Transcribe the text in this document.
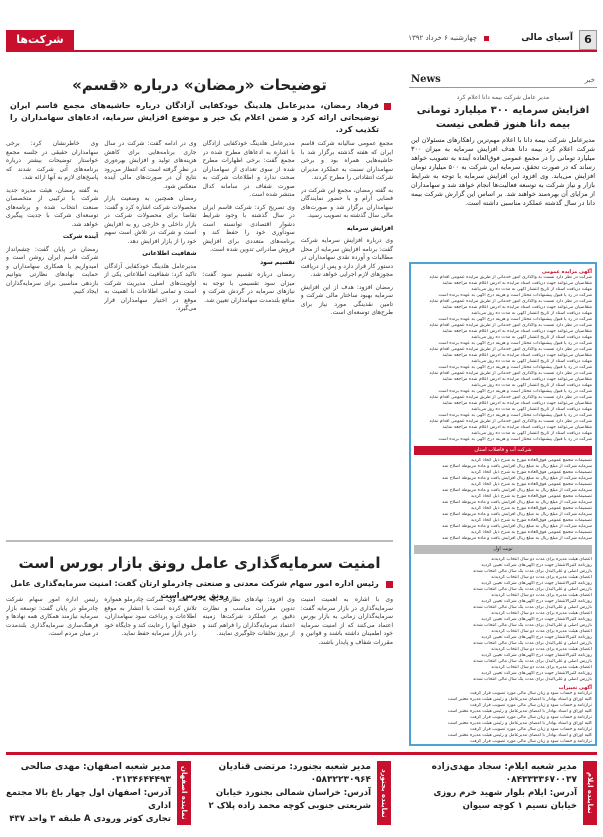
6
آسیای مالی
چهارشنبه ۶ خرداد ۱۳۹۲
شرکت‌ها
News	خبر
مدیر عامل شرکت بیمه دانا اعلام کرد
افزایش سرمایه ۳۰۰ میلیارد تومانی بیمه دانا هنوز قطعی نیست
مدیرعامل شرکت بیمه دانا با اعلام مهم‌ترین راهکارهای مسئولان این شرکت اعلام کرد بیمه دانا هدف افزایش سرمایه به میزان ۳۰۰ میلیارد تومانی را در مجمع عمومی فوق‌العاده آینده به تصویب خواهد رساند که در صورت تحقق، سرمایه این شرکت به ۵۰۰ میلیارد تومان افزایش می‌یابد. وی افزود این افزایش سرمایه با توجه به شرایط بازار و نیاز شرکت به توسعه فعالیت‌ها انجام خواهد شد و سهامداران از مزایای آن بهره‌مند خواهند شد. بر اساس این گزارش شرکت بیمه دانا در سال گذشته عملکرد مناسبی داشته است.
آگهی مزایده عمومی
شرکت در نظر دارد نسبت به واگذاری امور خدماتی از طریق مزایده عمومی اقدام نماید
متقاضیان می‌توانند جهت دریافت اسناد مزایده به آدرس اعلام شده مراجعه نمایند
مهلت دریافت اسناد از تاریخ انتشار آگهی به مدت ده روز می‌باشد
شرکت در رد یا قبول پیشنهادات مختار است و هزینه درج آگهی به عهده برنده است
شرکت در نظر دارد نسبت به واگذاری امور خدماتی از طریق مزایده عمومی اقدام نماید
متقاضیان می‌توانند جهت دریافت اسناد مزایده به آدرس اعلام شده مراجعه نمایند
مهلت دریافت اسناد از تاریخ انتشار آگهی به مدت ده روز می‌باشد
شرکت در رد یا قبول پیشنهادات مختار است و هزینه درج آگهی به عهده برنده است
شرکت در نظر دارد نسبت به واگذاری امور خدماتی از طریق مزایده عمومی اقدام نماید
متقاضیان می‌توانند جهت دریافت اسناد مزایده به آدرس اعلام شده مراجعه نمایند
مهلت دریافت اسناد از تاریخ انتشار آگهی به مدت ده روز می‌باشد
شرکت در رد یا قبول پیشنهادات مختار است و هزینه درج آگهی به عهده برنده است
شرکت در نظر دارد نسبت به واگذاری امور خدماتی از طریق مزایده عمومی اقدام نماید
متقاضیان می‌توانند جهت دریافت اسناد مزایده به آدرس اعلام شده مراجعه نمایند
مهلت دریافت اسناد از تاریخ انتشار آگهی به مدت ده روز می‌باشد
شرکت در رد یا قبول پیشنهادات مختار است و هزینه درج آگهی به عهده برنده است
شرکت در نظر دارد نسبت به واگذاری امور خدماتی از طریق مزایده عمومی اقدام نماید
متقاضیان می‌توانند جهت دریافت اسناد مزایده به آدرس اعلام شده مراجعه نمایند
مهلت دریافت اسناد از تاریخ انتشار آگهی به مدت ده روز می‌باشد
شرکت در رد یا قبول پیشنهادات مختار است و هزینه درج آگهی به عهده برنده است
شرکت در نظر دارد نسبت به واگذاری امور خدماتی از طریق مزایده عمومی اقدام نماید
متقاضیان می‌توانند جهت دریافت اسناد مزایده به آدرس اعلام شده مراجعه نمایند
مهلت دریافت اسناد از تاریخ انتشار آگهی به مدت ده روز می‌باشد
شرکت در رد یا قبول پیشنهادات مختار است و هزینه درج آگهی به عهده برنده است
شرکت در نظر دارد نسبت به واگذاری امور خدماتی از طریق مزایده عمومی اقدام نماید
متقاضیان می‌توانند جهت دریافت اسناد مزایده به آدرس اعلام شده مراجعه نمایند
مهلت دریافت اسناد از تاریخ انتشار آگهی به مدت ده روز می‌باشد
شرکت در رد یا قبول پیشنهادات مختار است و هزینه درج آگهی به عهده برنده است
شرکت آب و فاضلاب استان
تصمیمات مجمع عمومی فوق‌العاده مورخ به شرح ذیل اتخاذ گردید
سرمایه شرکت از مبلغ ریال به مبلغ ریال افزایش یافت و ماده مربوطه اصلاح شد
تصمیمات مجمع عمومی فوق‌العاده مورخ به شرح ذیل اتخاذ گردید
سرمایه شرکت از مبلغ ریال به مبلغ ریال افزایش یافت و ماده مربوطه اصلاح شد
تصمیمات مجمع عمومی فوق‌العاده مورخ به شرح ذیل اتخاذ گردید
سرمایه شرکت از مبلغ ریال به مبلغ ریال افزایش یافت و ماده مربوطه اصلاح شد
تصمیمات مجمع عمومی فوق‌العاده مورخ به شرح ذیل اتخاذ گردید
سرمایه شرکت از مبلغ ریال به مبلغ ریال افزایش یافت و ماده مربوطه اصلاح شد
تصمیمات مجمع عمومی فوق‌العاده مورخ به شرح ذیل اتخاذ گردید
سرمایه شرکت از مبلغ ریال به مبلغ ریال افزایش یافت و ماده مربوطه اصلاح شد
تصمیمات مجمع عمومی فوق‌العاده مورخ به شرح ذیل اتخاذ گردید
سرمایه شرکت از مبلغ ریال به مبلغ ریال افزایش یافت و ماده مربوطه اصلاح شد
تصمیمات مجمع عمومی فوق‌العاده مورخ به شرح ذیل اتخاذ گردید
سرمایه شرکت از مبلغ ریال به مبلغ ریال افزایش یافت و ماده مربوطه اصلاح شد
نوبت اول
اعضای هیئت مدیره برای مدت دو سال انتخاب گردیدند
روزنامه کثیرالانتشار جهت درج آگهی‌های شرکت تعیین گردید
بازرس اصلی و علی‌البدل برای مدت یک سال مالی انتخاب شدند
اعضای هیئت مدیره برای مدت دو سال انتخاب گردیدند
روزنامه کثیرالانتشار جهت درج آگهی‌های شرکت تعیین گردید
بازرس اصلی و علی‌البدل برای مدت یک سال مالی انتخاب شدند
اعضای هیئت مدیره برای مدت دو سال انتخاب گردیدند
روزنامه کثیرالانتشار جهت درج آگهی‌های شرکت تعیین گردید
بازرس اصلی و علی‌البدل برای مدت یک سال مالی انتخاب شدند
اعضای هیئت مدیره برای مدت دو سال انتخاب گردیدند
روزنامه کثیرالانتشار جهت درج آگهی‌های شرکت تعیین گردید
بازرس اصلی و علی‌البدل برای مدت یک سال مالی انتخاب شدند
اعضای هیئت مدیره برای مدت دو سال انتخاب گردیدند
روزنامه کثیرالانتشار جهت درج آگهی‌های شرکت تعیین گردید
بازرس اصلی و علی‌البدل برای مدت یک سال مالی انتخاب شدند
اعضای هیئت مدیره برای مدت دو سال انتخاب گردیدند
روزنامه کثیرالانتشار جهت درج آگهی‌های شرکت تعیین گردید
بازرس اصلی و علی‌البدل برای مدت یک سال مالی انتخاب شدند
اعضای هیئت مدیره برای مدت دو سال انتخاب گردیدند
روزنامه کثیرالانتشار جهت درج آگهی‌های شرکت تعیین گردید
بازرس اصلی و علی‌البدل برای مدت یک سال مالی انتخاب شدند
آگهی تغییرات
ترازنامه و حساب سود و زیان سال مالی مورد تصویب قرار گرفت
کلیه اوراق و اسناد بهادار با امضای مدیرعامل و رئیس هیئت مدیره معتبر است
ترازنامه و حساب سود و زیان سال مالی مورد تصویب قرار گرفت
کلیه اوراق و اسناد بهادار با امضای مدیرعامل و رئیس هیئت مدیره معتبر است
ترازنامه و حساب سود و زیان سال مالی مورد تصویب قرار گرفت
کلیه اوراق و اسناد بهادار با امضای مدیرعامل و رئیس هیئت مدیره معتبر است
ترازنامه و حساب سود و زیان سال مالی مورد تصویب قرار گرفت
کلیه اوراق و اسناد بهادار با امضای مدیرعامل و رئیس هیئت مدیره معتبر است
ترازنامه و حساب سود و زیان سال مالی مورد تصویب قرار گرفت
توضیحات «رمضان» درباره «قسم»
فرهاد رمضان، مدیرعامل هلدینگ خودکفایی آزادگان درباره حاشیه‌های مجمع قاسم ایران توضیحاتی ارائه کرد و ضمن اعلام یک خبر و موضوع افزایش سرمایه، ادعاهای سهامداران را تکذیب کرد.

مجمع عمومی سالیانه شرکت قاسم ایران که هفته گذشته برگزار شد با حاشیه‌هایی همراه بود و برخی سهامداران نسبت به عملکرد مدیران شرکت انتقاداتی را مطرح کردند.

به گفته رمضان، مجمع این شرکت در فضایی آرام و با حضور نمایندگان سهامداران برگزار شد و صورت‌های مالی سال گذشته به تصویب رسید.

افزایش سرمایه

وی درباره افزایش سرمایه شرکت گفت: برنامه افزایش سرمایه از محل مطالبات و آورده نقدی سهامداران در دستور کار قرار دارد و پس از دریافت مجوزهای لازم اجرایی خواهد شد.

رمضان افزود: هدف از این افزایش سرمایه بهبود ساختار مالی شرکت و تامین نقدینگی مورد نیاز برای طرح‌های توسعه‌ای است.

مدیرعامل هلدینگ خودکفایی آزادگان با اشاره به ادعاهای مطرح شده در مجمع گفت: برخی اظهارات مطرح شده از سوی تعدادی از سهامداران صحت ندارد و اطلاعات شرکت به صورت شفاف در سامانه کدال منتشر شده است.

وی تصریح کرد: شرکت قاسم ایران در سال گذشته با وجود شرایط دشوار اقتصادی توانسته است سودآوری خود را حفظ کند و برنامه‌های متعددی برای افزایش فروش صادراتی تدوین شده است.

تقسیم سود

رمضان درباره تقسیم سود گفت: میزان سود تقسیمی با توجه به نیازهای سرمایه در گردش شرکت و منافع بلندمدت سهامداران تعیین شد.

وی در ادامه گفت: شرکت در سال جاری برنامه‌هایی برای کاهش هزینه‌های تولید و افزایش بهره‌وری در نظر گرفته است که انتظار می‌رود نتایج آن در صورت‌های مالی آینده منعکس شود.

رمضان همچنین به وضعیت بازار محصولات شرکت اشاره کرد و گفت: تقاضا برای محصولات شرکت در بازار داخلی و خارجی رو به افزایش است و شرکت در تلاش است سهم خود را از بازار افزایش دهد.

شفافیت اطلاعاتی

مدیرعامل هلدینگ خودکفایی آزادگان تاکید کرد: شفافیت اطلاعاتی یکی از اولویت‌های اصلی مدیریت شرکت است و تمامی اطلاعات با اهمیت به موقع در اختیار سهامداران قرار می‌گیرد.

وی خاطرنشان کرد: برخی سهامداران حقیقی در جلسه مجمع خواستار توضیحات بیشتر درباره برنامه‌های آتی شرکت شدند که پاسخ‌های لازم به آنها ارائه شد.

به گفته رمضان، هیئت مدیره جدید شرکت با ترکیبی از متخصصان صنعت انتخاب شده و برنامه‌های توسعه‌ای شرکت با جدیت پیگیری خواهد شد.

آینده شرکت

رمضان در پایان گفت: چشم‌انداز شرکت قاسم ایران روشن است و امیدواریم با همکاری سهامداران و حمایت نهادهای نظارتی بتوانیم بازدهی مناسبی برای سرمایه‌گذاران ایجاد کنیم.

امنیت سرمایه‌گذاری عامل رونق بازار بورس است
رئیس اداره امور سهام شرکت معدنی و صنعتی چادرملو ارتان گفت: امنیت سرمایه‌گذاری عامل رونق بورس است	وی با اشاره به اهمیت امنیت سرمایه‌گذاری در بازار سرمایه گفت: سرمایه‌گذاران زمانی به بازار بورس اعتماد می‌کنند که از امنیت سرمایه خود اطمینان داشته باشند و قوانین و مقررات شفاف و پایدار باشند.

وی افزود: نهادهای نظارتی باید با تدوین مقررات مناسب و نظارت دقیق بر عملکرد شرکت‌ها زمینه اعتماد سرمایه‌گذاران را فراهم کنند و از بروز تخلفات جلوگیری نمایند.

به گفته وی، شرکت چادرملو همواره تلاش کرده است با انتشار به موقع اطلاعات و پرداخت سود سهامداران، حقوق آنها را رعایت کند و جایگاه خود را در بازار سرمایه حفظ نماید.

رئیس اداره امور سهام شرکت چادرملو در پایان گفت: توسعه بازار سرمایه نیازمند همکاری همه نهادها و فرهنگ‌سازی سرمایه‌گذاری بلندمدت در میان مردم است.

نماینده ایلام
مدیر شعبه ایلام: سجاد مهدی‌زاده
۰۸۴۳۳۳۳۶۷۰۰۳۷
آدرس: ایلام بلوار شهید خرم روزی
خیابان نسیم ۱ کوچه سیوان
نماینده بجنورد
مدیر شعبه بجنورد: مرتضی قنادیان
۰۵۸۳۲۲۳۰۹۶۴
آدرس: خراسان شمالی بجنورد خیابان
شریعتی جنوبی کوچه محمد زاده پلاک ۲
نماینده اصفهان
مدیر شعبه اصفهان: مهدی صالحی
۰۳۱۳۴۶۴۴۴۹۳
آدرس: اصفهان اول چهار باغ بالا مجتمع اداری
تجاری کوثر ورودی A طبقه ۳ واحد ۴۳۷
